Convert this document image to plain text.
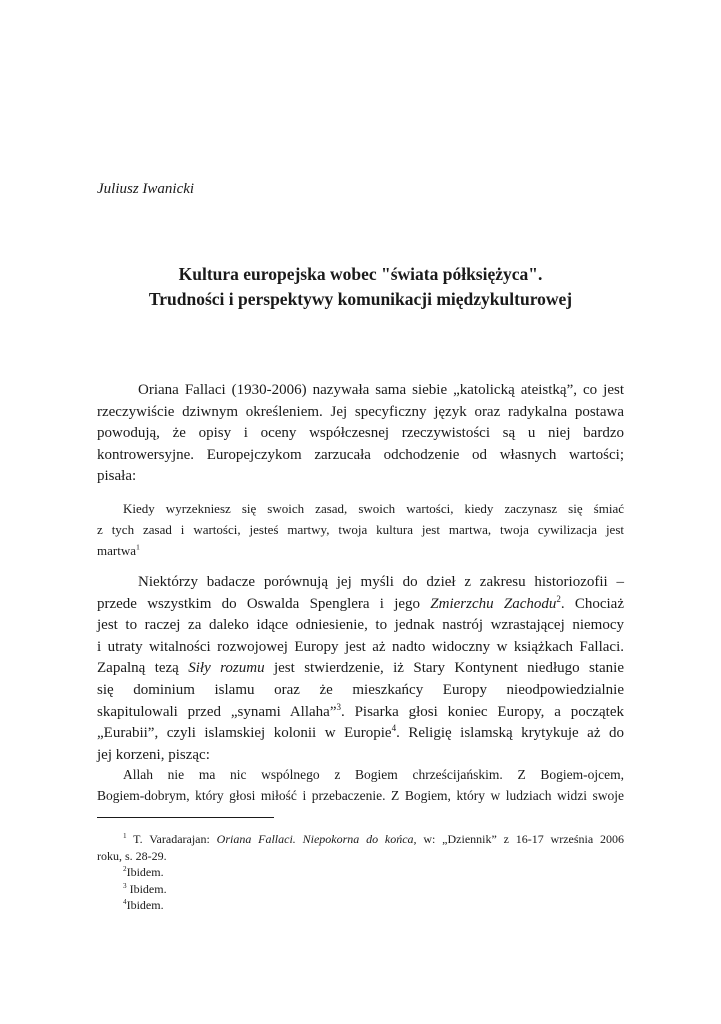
Juliusz Iwanicki
Kultura europejska wobec "świata półksiężyca".
Trudności i perspektywy komunikacji międzykulturowej
Oriana Fallaci (1930-2006) nazywała sama siebie „katolicką ateistką”, co jest
rzeczywiście dziwnym określeniem. Jej specyficzny język oraz radykalna postawa
powodują, że opisy i oceny współczesnej rzeczywistości są u niej bardzo
kontrowersyjne. Europejczykom zarzucała odchodzenie od własnych wartości;
pisała:
Kiedy wyrzekniesz się swoich zasad, swoich wartości, kiedy zaczynasz się śmiać
z tych zasad i wartości, jesteś martwy, twoja kultura jest martwa, twoja cywilizacja jest
martwa$^1$
Niektórzy badacze porównują jej myśli do dzieł z zakresu historiozofii –
przede wszystkim do Oswalda Spenglera i jego Zmierzchu Zachodu$^2$. Chociaż
jest to raczej za daleko idące odniesienie, to jednak nastrój wzrastającej niemocy
i utraty witalności rozwojowej Europy jest aż nadto widoczny w książkach Fallaci.
Zapalną tezą Siły rozumu jest stwierdzenie, iż Stary Kontynent niedługo stanie
się dominium islamu oraz że mieszkańcy Europy nieodpowiedzialnie
skapitulowali przed „synami Allaha”$^3$. Pisarka głosi koniec Europy, a początek
„Eurabii”, czyli islamskiej kolonii w Europie$^4$. Religię islamską krytykuje aż do
jej korzeni, pisząc:
Allah nie ma nic wspólnego z Bogiem chrześcijańskim. Z Bogiem-ojcem,
Bogiem-dobrym, który głosi miłość i przebaczenie. Z Bogiem, który w ludziach widzi swoje
$^1$ T. Varadarajan: Oriana Fallaci. Niepokorna do końca, w: „Dziennik” z 16-17 września 2006
roku, s. 28-29.
$^2$Ibidem.
$^3$ Ibidem.
$^4$Ibidem.
